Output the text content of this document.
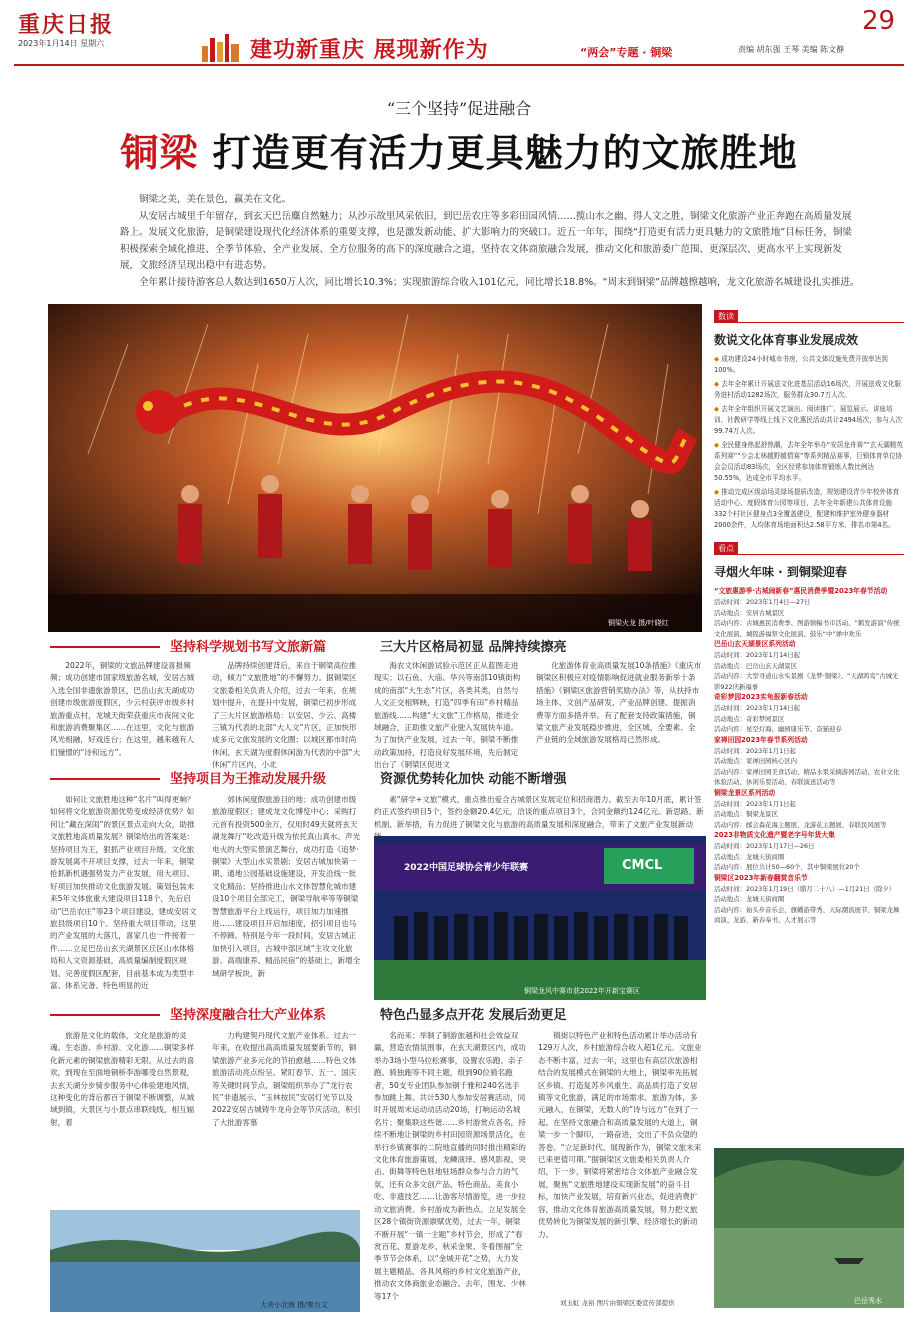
重庆日报
2023年1月14日 星期六	建功新重庆 展现新作为	“两会”专题 · 铜梁
29
责编 胡东强 王琴 美编 陈文静
“三个坚持”促进融合
铜梁 打造更有活力更具魅力的文旅胜地

铜梁之美，美在景色，赢美在文化。

从安居古城里千年留存，到玄天巴岳麋自然魅力；从沙示故里风采依旧，到巴岳农庄等多彩田园风情……揽山水之幽、得人文之胜，铜梁文化旅游产业正奔跑在高质量发展路上。发展文化旅游，是铜梁建设现代化经济体系的重要支撑，也是激发新动能、扩大影响力的突破口。近五一年年，围绕“打造更有活力更具魅力的文旅胜地”目标任务，铜梁积极探索全域化推进、全季节体验、全产业发展、全方位服务的高下的深度融合之道，坚持农文体商旅融合发展，推动文化和旅游委广范围、更深层次、更高水平上实现新发展，文旅经济呈现出稳中有进态势。

全年累计接待游客总人数达到1650万人次，同比增长10.3%；实现旅游综合收入101亿元，同比增长18.8%。“周末到铜梁”品牌越擦越响，龙文化旅游名城建设扎实推进。

铜梁火龙 摄/叶晓红
数读
数说文化体育事业发展成效
◆ 成功建设24小时城市书房，公共文体设施免费开放率达到100%。
◆ 去年全年累计开展送文化进基层活动16场次，开展送戏文化服务进村活动1282场次，服务群众30.7万人次。
◆ 去年全年组织开展文艺演出、阅读推广、展览展示、讲座培训、社教研学等线上线下文化惠民活动共计2494场次，参与人次99.74万人次。
◆ 全民健身热起舒热潮，去年全年举办“安居龙舟赛”“玄天湖精英系列赛”“少会北林越野越情赛”等系列精品赛事，巨锁体育单位协会会员活动83场次，全区经常参加体育锻炼人数比例达50.55%，达成全市平均水平。
◆ 推动完成区级动场灵绿场提质改造，规划建设青少年校外体育活动中心、度假体育公园等项目，去年全年新建公共体育设施332个村社区健身点3全覆盖建设，配建和维护室外健身器材2000余件，人均体育场地面积达2.58平方米，排名市第4名。
看点
寻烟火年味 · 到铜梁迎春
“文旅惠游季·古城闹新春”惠民消费季暨2023年春节活动
活动时间：2023年1月4日—27日
活动地点：安居古城景区
活动内容：古城惠民消费季、图游镇幅书市活动、“鹤发游演”传统文化展演、城隍游福祭文化展演、鼓乐“中”弹中欢乐
巴岳山玄天湖景区系列活动
活动时间：2023年1月14日起
活动地点：巴岳山玄天湖景区
活动内容：大型寻道山水实景剧《龙梦·铜梁》、“天湖鸿鸾”古城光影922庆新福事
奇彩梦园2023实龟报新春活动
活动时间：2023年1月14日起
活动地点：奇彩梦园景区
活动内容：星空灯海、幽园康乐节、奋猫迎春
家禅田园2023年春节系列活动
活动时间：2023年1月1日起
活动地点：家禅田园核心区内
活动内容：家禅田园美食活动、精品水果采摘游园活动、农业文化体验活动、休闲乐耍活动、春联演送活动等
铜梁龙景区系列活动
活动时间：2023年1月1日起
活动地点：铜梁龙景区
活动内容：邮会森花海主题展、龙游花主题展、春联民风展等
2023非物质文化遗产暨老字号年货大集
活动时间：2023年1月17日—26日
活动地点：龙城天街商圈
活动内容：展位共计50—60个，其中铜梁展位20个
铜梁区2023年新春翻赏音乐节
活动时间：2023年1月19日（腊月二十八）—1月21日（除夕）
活动地点：龙城天街商圈
活动内容：始头步音乐会、旗幡游带秀、天际潮流展节、铜梁龙舞商演、龙游、新春奉书、人才展示等
坚持科学规划书写文旅新篇	三大片区格局初显 品牌持续擦亮

2022年，铜梁的文旅品牌建设喜报频频；成功创建市国家级旅游名城，安居古城入选全国非遗旅游景区，巴岳山玄天湖成功创建市级旅游度假区，少云村获评市级乡村旅游重点村，龙城天街荣获重庆市夜间文化和旅游消费聚集区……在这里，文化与旅游风光相融，好戏连台；在这里，越来越有人们憧憬的“诗和远方”。

品牌持续创建背后，来自于铜梁高位推动，倾力“文旅胜地”的不懈努力。据铜梁区文旅委相关负责人介绍，过去一年来，在规划中提升，在提升中发展，铜梁已初步形成了三大片区旅游格局：以安居、少云、高楼三镇为代表的北部“大人文”片区，正加快形成多元文旅发展的文化圈；以城区都市时尚休闲、玄天湖为度假休闲游为代表的中部“大休闲”片区内，小北

海农文休闲游试验示范区正从蓝图走进现实；以石鱼、大庙、华兴等南部10镇街构成的南部“大生态”片区，各类其类，自然与人文正交相辉映，打造“四季有田”乡村精品旅游线……构建“大文旅”工作格局，推进全域融合，正助推文旅产业驶入发展快车道。为了加快产业发展，过去一年，铜梁不断推动政策加持，打造良好发展环境，先后制定出台了《铜梁区促进文

化旅游体育业高质量发展10条措施》《重庆市铜梁区积极应对疫情影响促进就业服务新举十条措施》《铜梁区旅游营销奖励办法》等，从扶持市场主体、文创产品研发、产业品牌创建、提振消费等方面多措并举。有了配套支持政策措施，铜梁文旅产业发展稳步推进，全区城、全要素、全产业链的全域旅游发展格局已然形成。

坚持项目为王推动发展升级	资源优势转化加快 动能不断增强

如何让文旅胜地这种“名片”叫得更响？如何将文化旅游资源优势变成经济优势？如何让“藏在深闺”的景区景点走向大众，助推文旅胜地高质量发展？铜梁给出的答案是：坚持项目为王，狠抓产业项目升级。文化旅游发展离不开项目支撑，过去一年来，铜梁抢抓新机遇强势发力产业发展，用大项目、好项目加快推动文化旅游发展。策划包装未来5年文体旅重大建设项目118个，先后启动“巴岳农庄”等23个项目建设，建成安居文旅县级项目10个。坚持重大项目带动，这里的产业发展的大落几，喜家几也一件接着一件……立足巴岳山玄天湖景区丘区山水体格局和人文资源基础，高质量编制度假区规划、完善度假区配套，目前基本成为类型丰富、体系完备、特色明显的近

郊休闲度假旅游目的地；成功创建市级旅游度假区；建成龙文化博览中心；采购打元首有投资500余万，仅用时49天就将玄天湖龙舞厅“吃改造升级为依托真山真水、声光电火的大型实景演艺舞台，成功打造《追梦·铜梁》大型山水实景剧；安居古城加快第一期、通地公园基础设施建设，开发沿线一批文化精品；坚持推进山水文体智慧化城市建设10个项目全部完工，铜梁导航率等等铜梁智慧旅游平台上线运行，项目加力加速推进……建设项目开启加速度，招引项目也马不停蹄。特别是今年一段时间，安居古城正加快引入项目，古城中部区域“主攻文化旅游、高端康养、精品民宿”的基础上，新增全域研学板块，新

素“研学+文旅”模式，重点推出爱合古城景区发展定位和招商潜力。截至去年10月底，累计签约正式签约项目5个，签约金额20.4亿元，洽谈的重点项目3个，合同金额约124亿元。新思路、新机制、新举措，有力促进了铜梁文化与旅游的高质量发展和深度融合，带来了文旅产业发展新动

2022中国足球协会青少年联赛	CMCL
铜梁龙风中赛市获2022年开新宝赛区
坚持深度融合壮大产业体系	特色凸显多点开花 发展后劲更足

旅游是文化的载体，文化是旅游的灵魂。生态游、乡村游、文化游……铜梁多样化新元素的铜梁旅游精彩无限。从过去的喜欢，到现在至面地铜桥李游哪受自然景观，去玄天湖分步骑步服务中心体验建地风情，这种变化的背后都百于铜梁不断调整，从城域到镇，大景区与小景点串联线线，相互辐射，着

力构建契丹现代文旅产业体系。过去一年来，在收提出高高质量发展要新节的，铜梁旅游产业多元化的节拍愈越……特色文体旅游活动亮点纷呈。紧盯春节、五一、国庆等关键时间节点，铜梁组织举办了“龙行农民”非遗展示、“玉林按民”安居灯光节以及2022安居古城铸牛龙舟会等节庆活动，积引了大批游客慕

名而来；举制了铜游旅越和社会效益双赢，营造农情氛围事，在玄天湖景区内，成功举办3场小型马拉松赛事，设置农乐跑、亲子跑、骑独跑等不同主题，组到90位骑名跑者，50支专业团队参加铜千雅和240名选手参加跳上舞。共计530人参加安居赛活动，同时开展周末运动动活动20场，打响运动名城名片；聚集联这些谐……乡村游赏点各名，持续不断地让铜梁的乡村田园资源场景活化，在举行乡镇赛事的二院地直播的同时推出精彩的文化体育旅游策展，龙鳞演绎、感风影视、突击、街舞等特色驻地驻场群众参与合力的气氛，还有众多文创产品、特色商品、美食小吃、非遗技艺……让游客尽情游览，进一步拉动文旅消费。乡村游成为新热点。立足发展全区28个镇街资源禀赋优势，过去一年，铜梁不断开展“一镇一主题”乡村节会，形成了“春赏百花、夏游龙乡、秋采金果、冬看围福”全季节节会体系，以“金城开花”之势，大力发展主题精品、各具风格的乡村文化旅游产业，推动农文体商旅业态融合。去年，围龙、少林等17个

镇街以特色产业和特色活动累计举办活动有129万人次，乡村旅游综合收入超1亿元。文旅业态不断丰富，过去一年，这里也有高层次旅游相结合的发展模式在铜梁的大地上，铜梁率先拓展区乡镇、打造复苏乡风重生、高品质打造了安居镇等文化旅游，满足的市场需求。旅游为体，多元融入，在铜梁，无数人的“诗与远方”在到了一起。在坚持文旅融合和高质量发展的大道上，铜梁一步一个脚印，一路奋进，交出了不负众望的答卷。“立足新时代、展现新作为，铜梁文旅未来已来更值可期。”据铜梁区文旅委相关负责人介绍，下一步，铜梁将紧密结合文体旅产业融合发展，聚焦“文旅胜地建设实现新发展”的奋斗目标，加快产业发展，培育新兴业态，促进消费扩容，推动文化体育旅游高质量发展，努力把文旅优势转化为铜梁发展的新引擎、经济增长的新动力。

大美小北海 摄/秦力文	巴岳秀水
刘玉虹 龙裕 图片由铜梁区委宣传部提供
